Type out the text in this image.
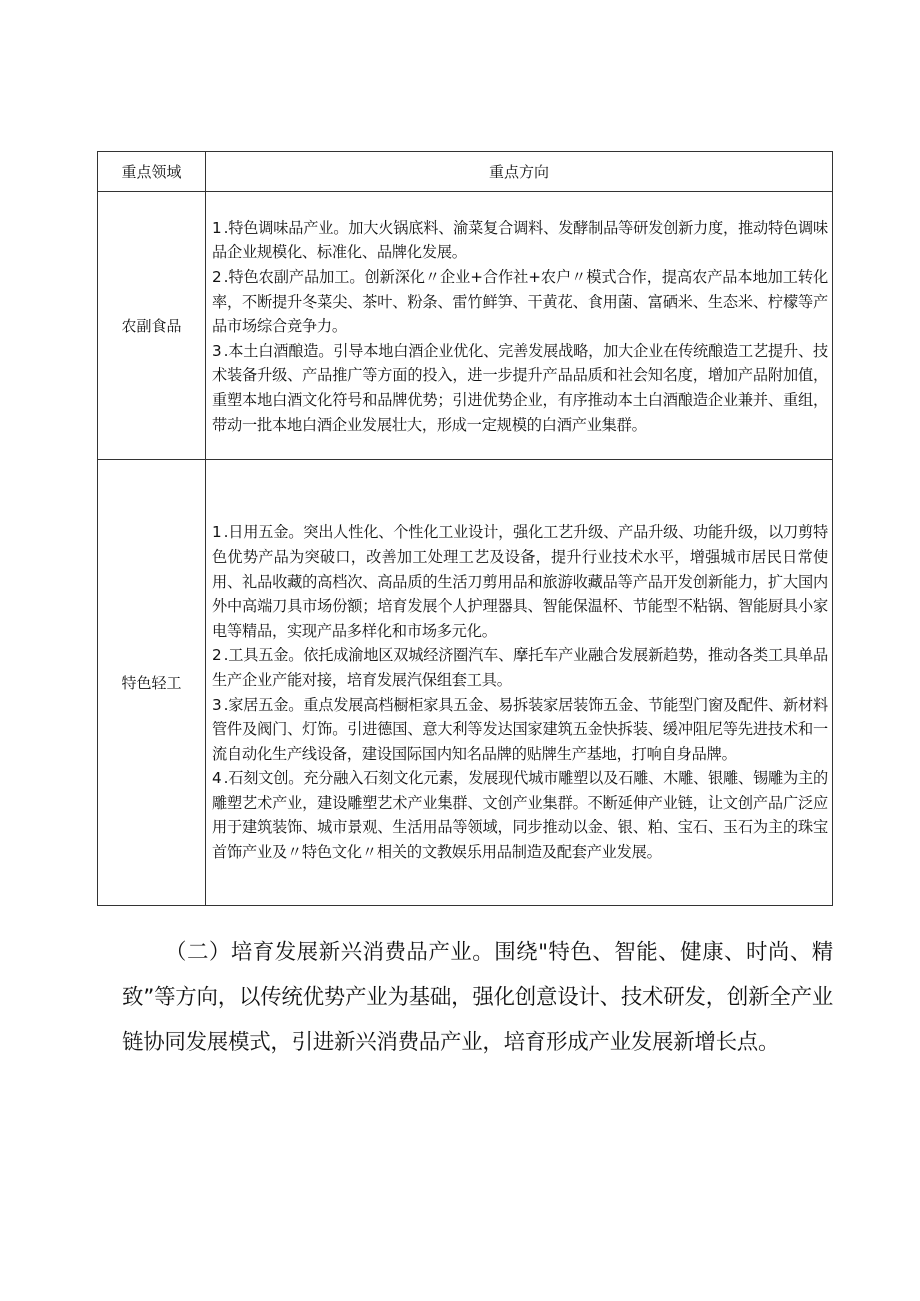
重点领域	重点方向
农副食品	1.特色调味品产业。加大火锅底料、渝菜复合调料、发酵制品等研发创新力度，推动特色调味品企业规模化、标准化、品牌化发展。

2.特色农副产品加工。创新深化〃企业+合作社+农户〃模式合作，提高农产品本地加工转化率，不断提升冬菜尖、茶叶、粉条、雷竹鲜笋、干黄花、食用菌、富硒米、生态米、柠檬等产品市场综合竞争力。

3.本土白酒酿造。引导本地白酒企业优化、完善发展战略，加大企业在传统酿造工艺提升、技术装备升级、产品推广等方面的投入，进一步提升产品品质和社会知名度，增加产品附加值，重塑本地白酒文化符号和品牌优势；引进优势企业，有序推动本土白酒酿造企业兼并、重组，带动一批本地白酒企业发展壮大，形成一定规模的白酒产业集群。

特色轻工	1.日用五金。突出人性化、个性化工业设计，强化工艺升级、产品升级、功能升级，以刀剪特色优势产品为突破口，改善加工处理工艺及设备，提升行业技术水平，增强城市居民日常使用、礼品收藏的高档次、高品质的生活刀剪用品和旅游收藏品等产品开发创新能力，扩大国内外中高端刀具市场份额；培育发展个人护理器具、智能保温杯、节能型不粘锅、智能厨具小家电等精品，实现产品多样化和市场多元化。

2.工具五金。依托成渝地区双城经济圈汽车、摩托车产业融合发展新趋势，推动各类工具单品生产企业产能对接，培育发展汽保组套工具。

3.家居五金。重点发展高档橱柜家具五金、易拆装家居装饰五金、节能型门窗及配件、新材料管件及阀门、灯饰。引进德国、意大利等发达国家建筑五金快拆装、缓冲阻尼等先进技术和一流自动化生产线设备，建设国际国内知名品牌的贴牌生产基地，打响自身品牌。

4.石刻文创。充分融入石刻文化元素，发展现代城市雕塑以及石雕、木雕、银雕、锡雕为主的雕塑艺术产业，建设雕塑艺术产业集群、文创产业集群。不断延伸产业链，让文创产品广泛应用于建筑装饰、城市景观、生活用品等领域，同步推动以金、银、粕、宝石、玉石为主的珠宝首饰产业及〃特色文化〃相关的文教娱乐用品制造及配套产业发展。

（二）培育发展新兴消费品产业。围绕"特色、智能、健康、时尚、精致”等方向，以传统优势产业为基础，强化创意设计、技术研发，创新全产业链协同发展模式，引进新兴消费品产业，培育形成产业发展新增长点。
